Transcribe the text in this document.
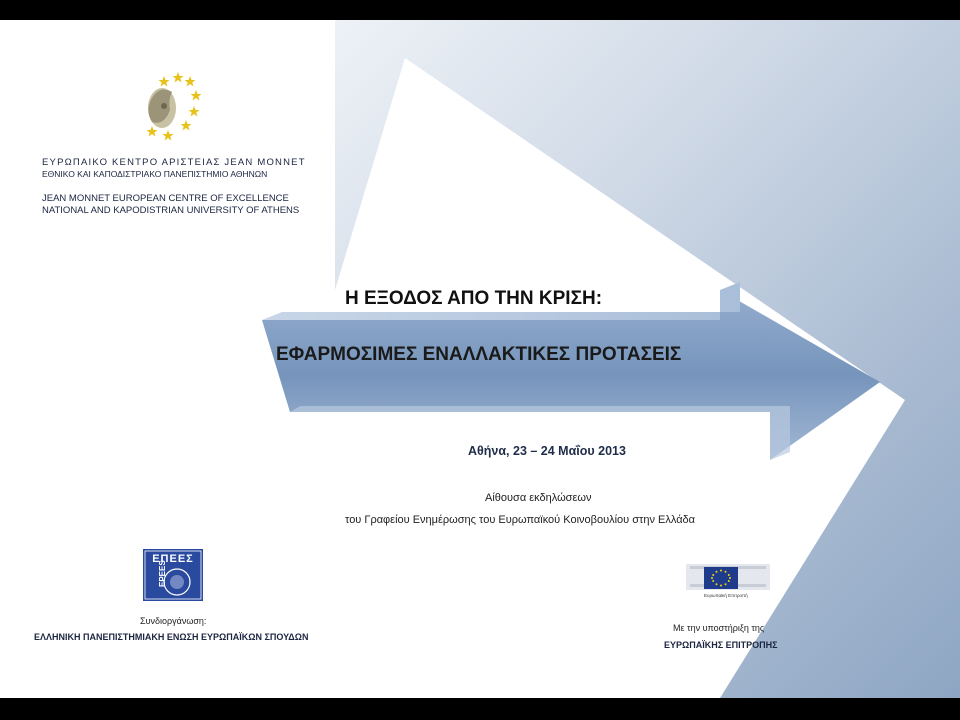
ΕΥΡΩΠΑΙΚΟ ΚΕΝΤΡΟ ΑΡΙΣΤΕΙΑΣ JEAN MONNET
ΕΘΝΙΚΟ ΚΑΙ ΚΑΠΟΔΙΣΤΡΙΑΚΟ ΠΑΝΕΠΙΣΤΗΜΙΟ ΑΘΗΝΩΝ
JEAN MONNET EUROPEAN CENTRE OF EXCELLENCE
NATIONAL AND KAPODISTRIAN UNIVERSITY OF ATHENS
Η ΕΞΟΔΟΣ ΑΠΟ ΤΗΝ ΚΡΙΣΗ:
ΕΦΑΡΜΟΣΙΜΕΣ ΕΝΑΛΛΑΚΤΙΚΕΣ ΠΡΟΤΑΣΕΙΣ
Αθήνα, 23 – 24 Μαΐου 2013
Αίθουσα εκδηλώσεων
του Γραφείου Ενημέρωσης του Ευρωπαϊκού Κοινοβουλίου στην Ελλάδα
ΕΠΕΕΣ
EPEES
Συνδιοργάνωση:
ΕΛΛΗΝΙΚΗ ΠΑΝΕΠΙΣΤΗΜΙΑΚΗ ΕΝΩΣΗ ΕΥΡΩΠΑΪΚΩΝ ΣΠΟΥΔΩΝ
Ευρωπαϊκή Επιτροπή
Με την υποστήριξη της
ΕΥΡΩΠΑΪΚΗΣ ΕΠΙΤΡΟΠΗΣ
